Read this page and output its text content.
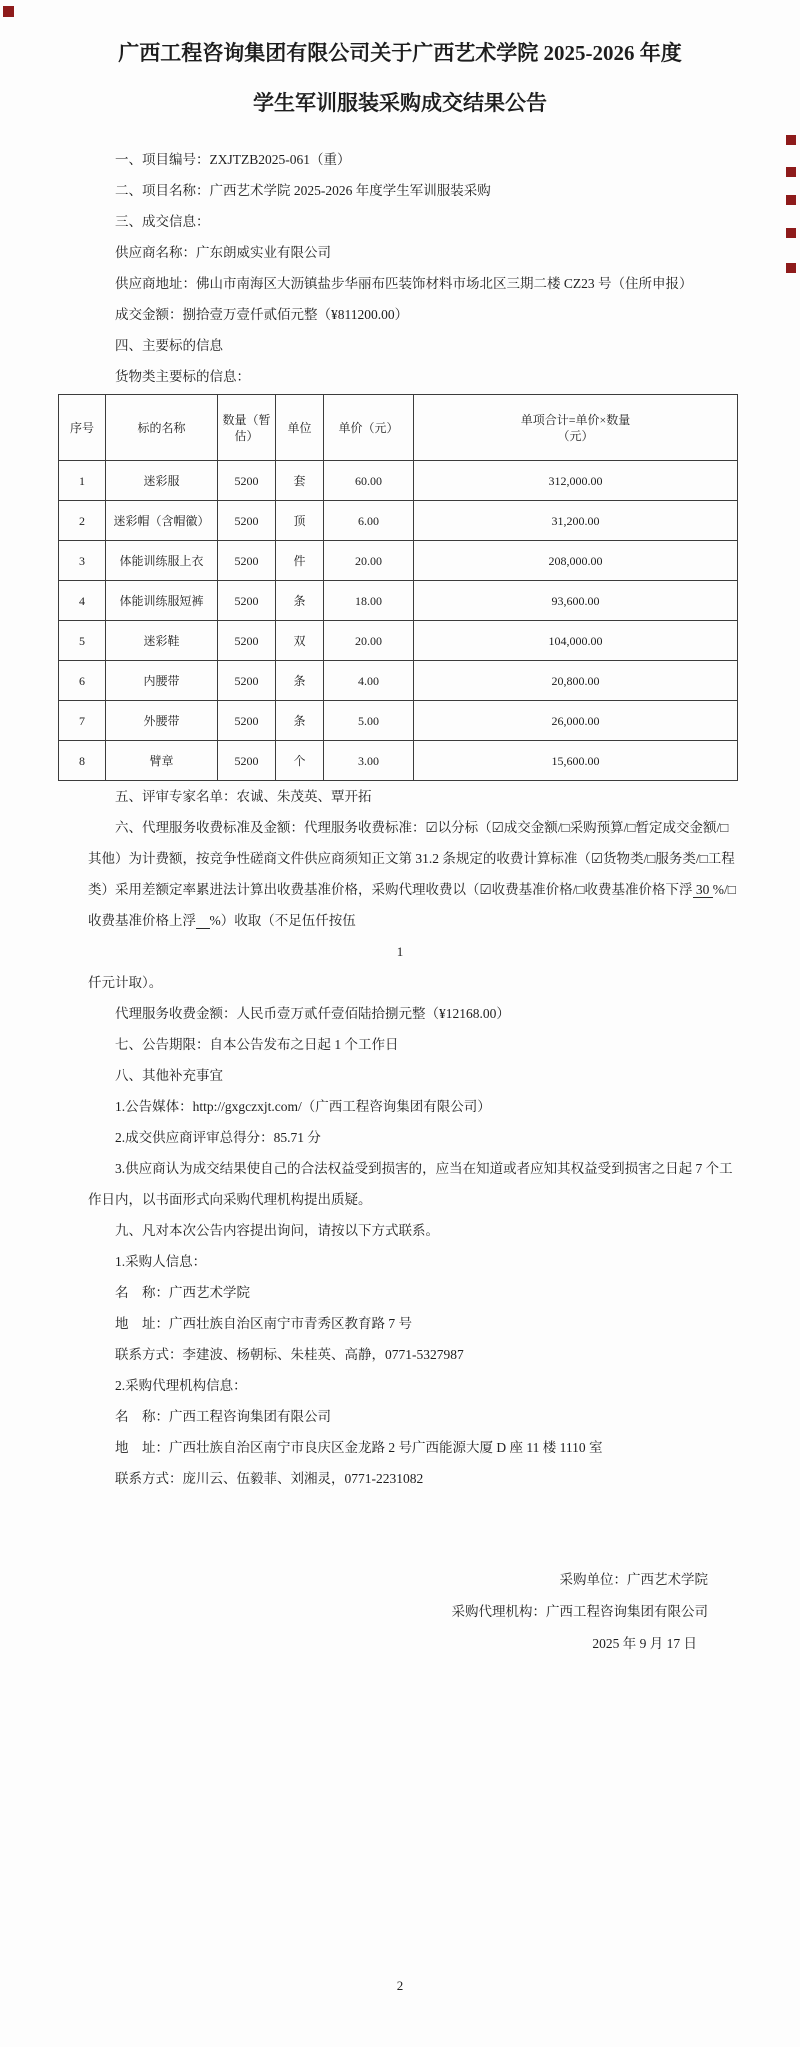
广西工程咨询集团有限公司关于广西艺术学院 2025-2026 年度
学生军训服装采购成交结果公告

一、项目编号：ZXJTZB2025-061（重）

二、项目名称：广西艺术学院 2025-2026 年度学生军训服装采购

三、成交信息：

供应商名称：广东朗威实业有限公司

供应商地址：佛山市南海区大沥镇盐步华丽布匹装饰材料市场北区三期二楼 CZ23 号（住所申报）

成交金额：捌拾壹万壹仟贰佰元整（¥811200.00）

四、主要标的信息

货物类主要标的信息：

序号	标的名称	数量（暂估）	单位	单价（元）	单项合计=单价×数量
（元）

1	迷彩服	5200	套	60.00	312,000.00
2	迷彩帽（含帽徽）	5200	顶	6.00	31,200.00
3	体能训练服上衣	5200	件	20.00	208,000.00
4	体能训练服短裤	5200	条	18.00	93,600.00
5	迷彩鞋	5200	双	20.00	104,000.00
6	内腰带	5200	条	4.00	20,800.00
7	外腰带	5200	条	5.00	26,000.00
8	臂章	5200	个	3.00	15,600.00

五、评审专家名单：农诚、朱茂英、覃开拓

六、代理服务收费标准及金额：代理服务收费标准：☑以分标（☑成交金额/□采购预算/□暂定成交金额/□其他）为计费额，按竞争性磋商文件供应商须知正文第 31.2 条规定的收费计算标准（☑货物类/□服务类/□工程类）采用差额定率累进法计算出收费基准价格，采购代理收费以（☑收费基准价格/□收费基准价格下浮 30 %/□收费基准价格上浮　 %）收取（不足伍仟按伍

1

仟元计取）。

代理服务收费金额：人民币壹万贰仟壹佰陆拾捌元整（¥12168.00）

七、公告期限：自本公告发布之日起 1 个工作日

八、其他补充事宜

1.公告媒体：http://gxgczxjt.com/（广西工程咨询集团有限公司）

2.成交供应商评审总得分：85.71 分

3.供应商认为成交结果使自己的合法权益受到损害的，应当在知道或者应知其权益受到损害之日起 7 个工作日内，以书面形式向采购代理机构提出质疑。

九、凡对本次公告内容提出询问，请按以下方式联系。

1.采购人信息：

名　称：广西艺术学院

地　址：广西壮族自治区南宁市青秀区教育路 7 号

联系方式：李建波、杨朝标、朱桂英、高静，0771-5327987

2.采购代理机构信息：

名　称：广西工程咨询集团有限公司

地　址：广西壮族自治区南宁市良庆区金龙路 2 号广西能源大厦 D 座 11 楼 1110 室

联系方式：庞川云、伍毅菲、刘湘灵，0771-2231082

采购单位：广西艺术学院
采购代理机构：广西工程咨询集团有限公司
2025 年 9 月 17 日
2
